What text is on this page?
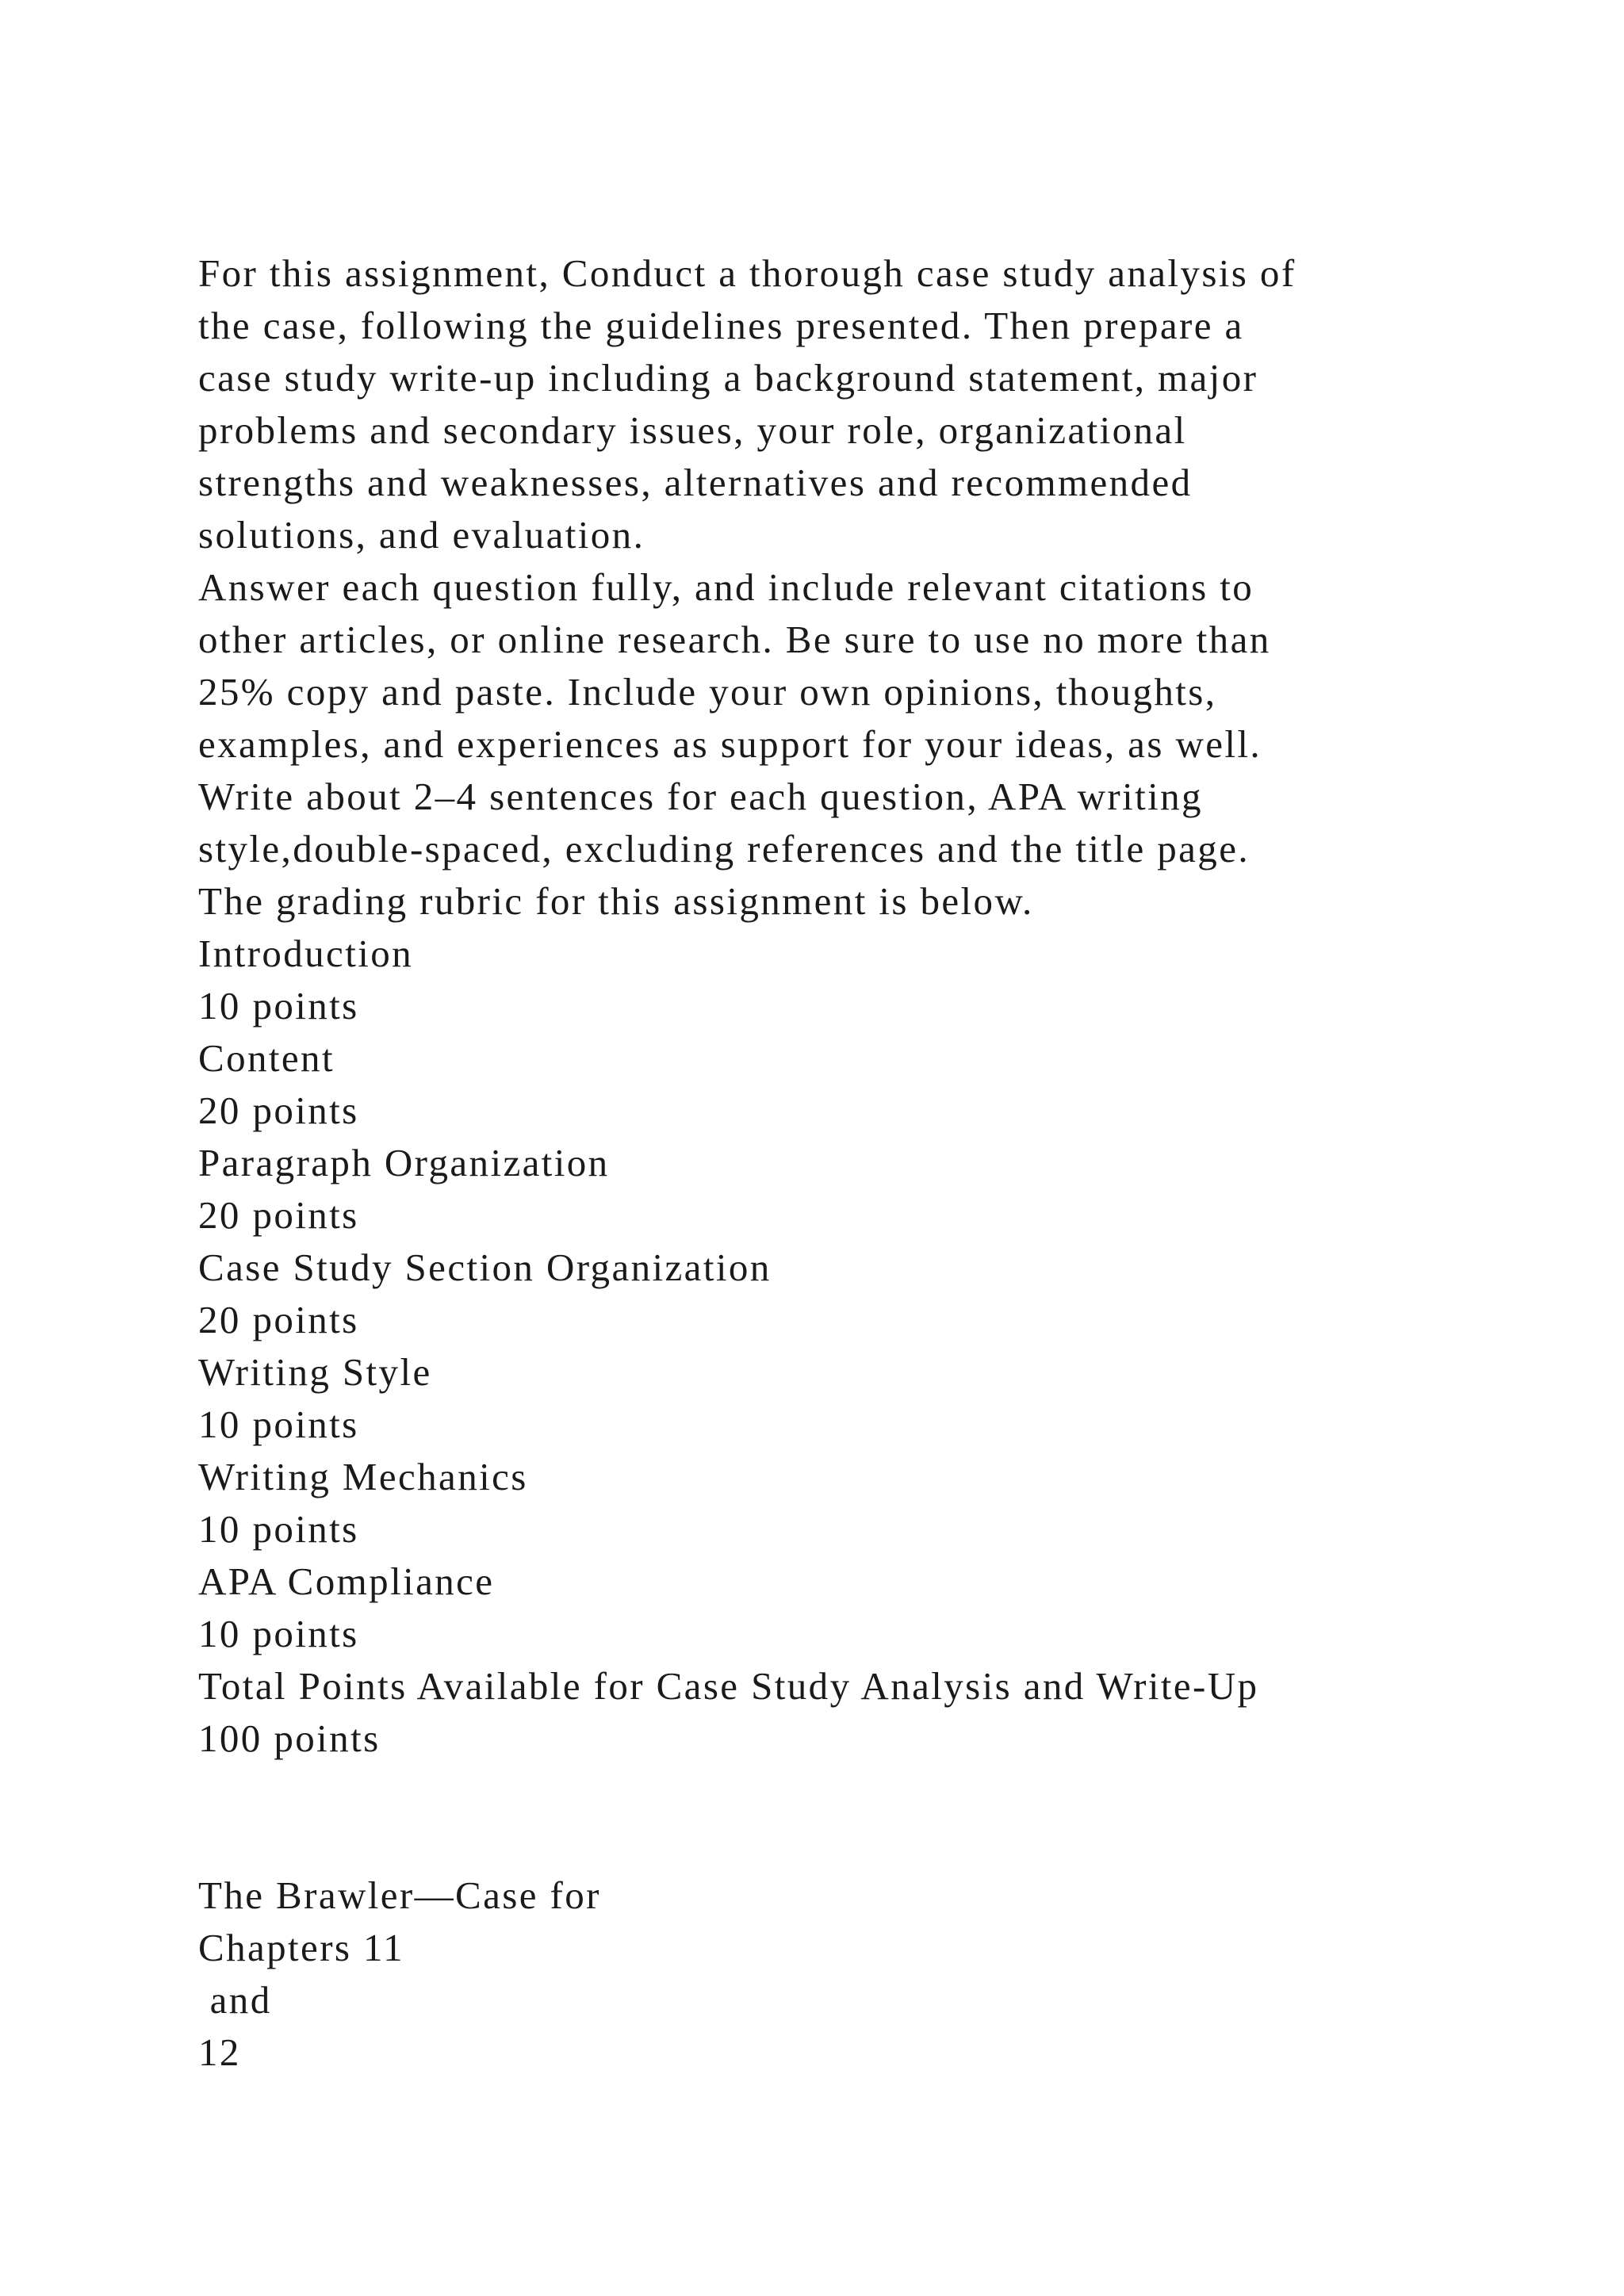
For this assignment, Conduct a thorough case study analysis of
the case, following the guidelines presented. Then prepare a
case study write-up including a background statement, major
problems and secondary issues, your role, organizational
strengths and weaknesses, alternatives and recommended
solutions, and evaluation.
Answer each question fully, and include relevant citations to
other articles, or online research. Be sure to use no more than
25% copy and paste. Include your own opinions, thoughts,
examples, and experiences as support for your ideas, as well.
Write about 2–4 sentences for each question, APA writing
style,double-spaced, excluding references and the title page.
The grading rubric for this assignment is below.
Introduction
10 points
Content
20 points
Paragraph Organization
20 points
Case Study Section Organization
20 points
Writing Style
10 points
Writing Mechanics
10 points
APA Compliance
10 points
Total Points Available for Case Study Analysis and Write-Up
100 points
The Brawler—Case for
Chapters 11
and
12
